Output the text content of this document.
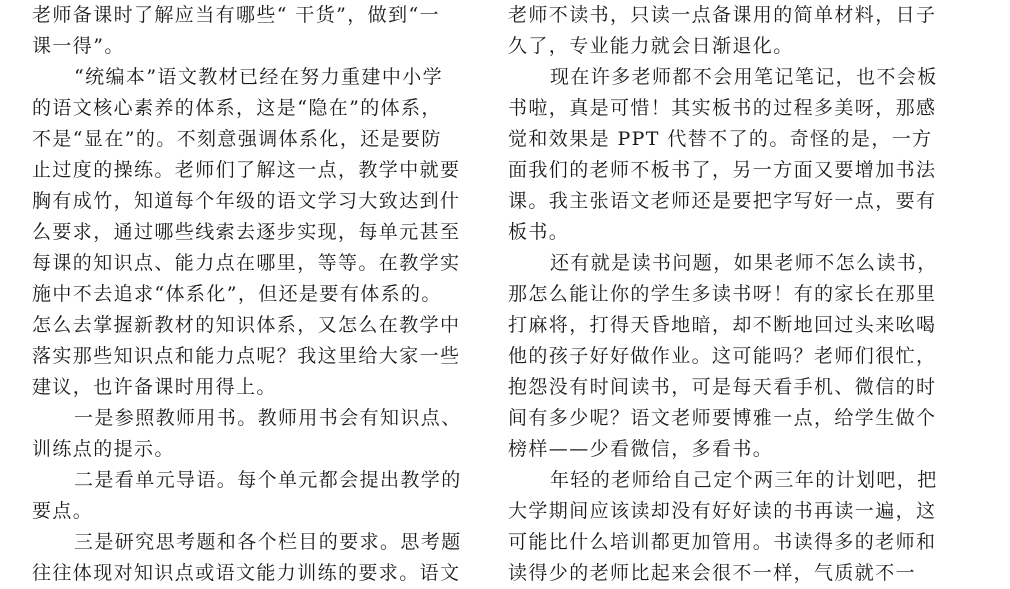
老师备课时了解应当有哪些“ 干货”，做到“一
课一得”。
“统编本”语文教材已经在努力重建中小学
的语文核心素养的体系，这是“隐在”的体系，
不是“显在”的。不刻意强调体系化，还是要防
止过度的操练。老师们了解这一点，教学中就要
胸有成竹，知道每个年级的语文学习大致达到什
么要求，通过哪些线索去逐步实现，每单元甚至
每课的知识点、能力点在哪里，等等。在教学实
施中不去追求“体系化”，但还是要有体系的。
怎么去掌握新教材的知识体系，又怎么在教学中
落实那些知识点和能力点呢？我这里给大家一些
建议，也许备课时用得上。
一是参照教师用书。教师用书会有知识点、
训练点的提示。
二是看单元导语。每个单元都会提出教学的
要点。
三是研究思考题和各个栏目的要求。思考题
往往体现对知识点或语文能力训练的要求。语文
老师不读书，只读一点备课用的简单材料，日子
久了，专业能力就会日渐退化。
现在许多老师都不会用笔记笔记，也不会板
书啦，真是可惜！其实板书的过程多美呀，那感
觉和效果是 PPT 代替不了的。奇怪的是，一方
面我们的老师不板书了，另一方面又要增加书法
课。我主张语文老师还是要把字写好一点，要有
板书。
还有就是读书问题，如果老师不怎么读书，
那怎么能让你的学生多读书呀！有的家长在那里
打麻将，打得天昏地暗，却不断地回过头来吆喝
他的孩子好好做作业。这可能吗？老师们很忙，
抱怨没有时间读书，可是每天看手机、微信的时
间有多少呢？语文老师要博雅一点，给学生做个
榜样——少看微信，多看书。
年轻的老师给自己定个两三年的计划吧，把
大学期间应该读却没有好好读的书再读一遍，这
可能比什么培训都更加管用。书读得多的老师和
读得少的老师比起来会很不一样，气质就不一
